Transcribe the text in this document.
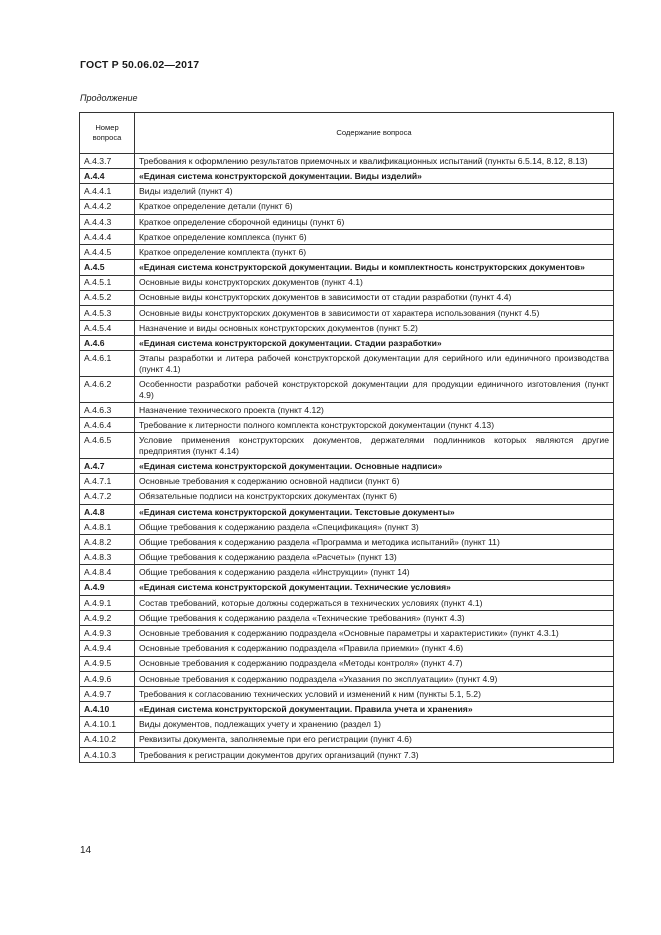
ГОСТ Р 50.06.02—2017
Продолжение
Номер вопроса	Содержание вопроса
А.4.3.7	Требования к оформлению результатов приемочных и квалификационных испытаний (пункты 6.5.14, 8.12, 8.13)
А.4.4	«Единая система конструкторской документации. Виды изделий»
А.4.4.1	Виды изделий (пункт 4)
А.4.4.2	Краткое определение детали (пункт 6)
А.4.4.3	Краткое определение сборочной единицы (пункт 6)
А.4.4.4	Краткое определение комплекса (пункт 6)
А.4.4.5	Краткое определение комплекта (пункт 6)
А.4.5	«Единая система конструкторской документации. Виды и комплектность конструкторских документов»
А.4.5.1	Основные виды конструкторских документов (пункт 4.1)
А.4.5.2	Основные виды конструкторских документов в зависимости от стадии разработки (пункт 4.4)
А.4.5.3	Основные виды конструкторских документов в зависимости от характера использования (пункт 4.5)
А.4.5.4	Назначение и виды основных конструкторских документов (пункт 5.2)
А.4.6	«Единая система конструкторской документации. Стадии разработки»
А.4.6.1	Этапы разработки и литера рабочей конструкторской документации для серийного или единичного производства (пункт 4.1)
А.4.6.2	Особенности разработки рабочей конструкторской документации для продукции единичного изготовления (пункт 4.9)
А.4.6.3	Назначение технического проекта (пункт 4.12)
А.4.6.4	Требование к литерности полного комплекта конструкторской документации (пункт 4.13)
А.4.6.5	Условие применения конструкторских документов, держателями подлинников которых являются другие предприятия (пункт 4.14)
А.4.7	«Единая система конструкторской документации. Основные надписи»
А.4.7.1	Основные требования к содержанию основной надписи (пункт 6)
А.4.7.2	Обязательные подписи на конструкторских документах (пункт 6)
А.4.8	«Единая система конструкторской документации. Текстовые документы»
А.4.8.1	Общие требования к содержанию раздела «Спецификация» (пункт 3)
А.4.8.2	Общие требования к содержанию раздела «Программа и методика испытаний» (пункт 11)
А.4.8.3	Общие требования к содержанию раздела «Расчеты» (пункт 13)
А.4.8.4	Общие требования к содержанию раздела «Инструкции» (пункт 14)
А.4.9	«Единая система конструкторской документации. Технические условия»
А.4.9.1	Состав требований, которые должны содержаться в технических условиях (пункт 4.1)
А.4.9.2	Общие требования к содержанию раздела «Технические требования» (пункт 4.3)
А.4.9.3	Основные требования к содержанию подраздела «Основные параметры и характеристики» (пункт 4.3.1)
А.4.9.4	Основные требования к содержанию подраздела «Правила приемки» (пункт 4.6)
А.4.9.5	Основные требования к содержанию подраздела «Методы контроля» (пункт 4.7)
А.4.9.6	Основные требования к содержанию подраздела «Указания по эксплуатации» (пункт 4.9)
А.4.9.7	Требования к согласованию технических условий и изменений к ним (пункты 5.1, 5.2)
А.4.10	«Единая система конструкторской документации. Правила учета и хранения»
А.4.10.1	Виды документов, подлежащих учету и хранению (раздел 1)
А.4.10.2	Реквизиты документа, заполняемые при его регистрации (пункт 4.6)
А.4.10.3	Требования к регистрации документов других организаций (пункт 7.3)
14
